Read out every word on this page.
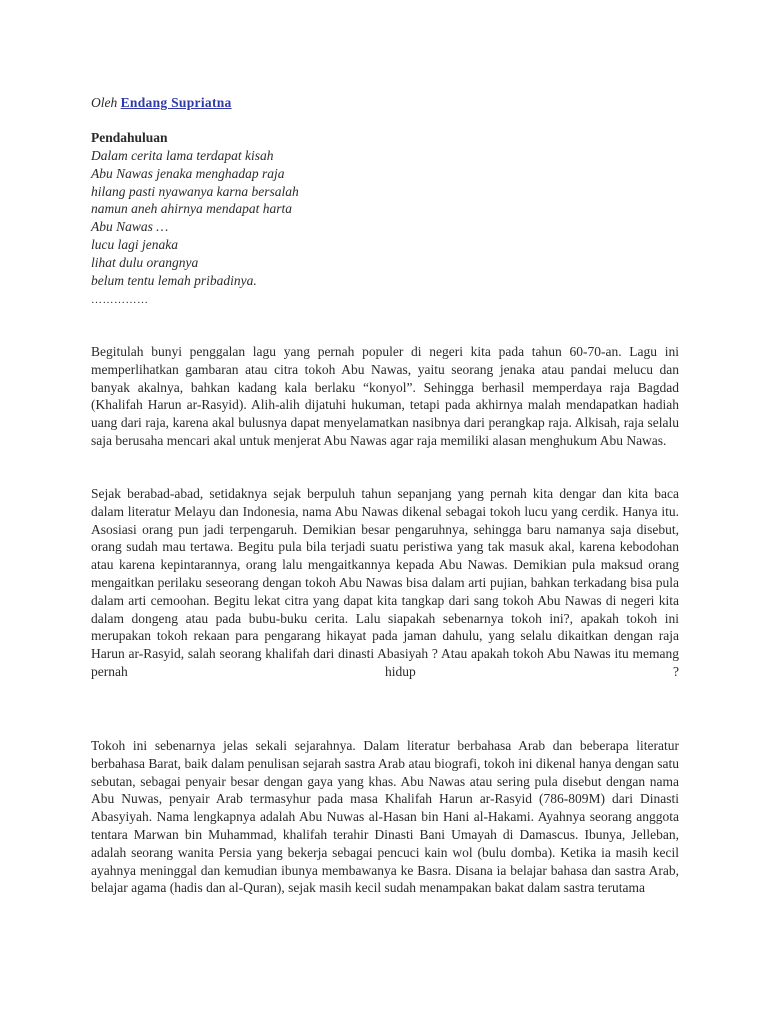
Oleh Endang Supriatna
Pendahuluan
Dalam cerita lama terdapat kisah
Abu Nawas jenaka menghadap raja
hilang pasti nyawanya karna bersalah
namun aneh ahirnya mendapat harta
Abu Nawas …
lucu lagi jenaka
lihat dulu orangnya
belum tentu lemah pribadinya.
……………

Begitulah bunyi penggalan lagu yang pernah populer di negeri kita pada tahun 60-70-an. Lagu ini memperlihatkan gambaran atau citra tokoh Abu Nawas, yaitu seorang jenaka atau pandai melucu dan banyak akalnya, bahkan kadang kala berlaku “konyol”. Sehingga berhasil memperdaya raja Bagdad (Khalifah Harun ar-Rasyid). Alih-alih dijatuhi hukuman, tetapi pada akhirnya malah mendapatkan hadiah uang dari raja, karena akal bulusnya dapat menyelamatkan nasibnya dari perangkap raja. Alkisah, raja selalu saja berusaha mencari akal untuk menjerat Abu Nawas agar raja memiliki alasan menghukum Abu Nawas.

Sejak berabad-abad, setidaknya sejak berpuluh tahun sepanjang yang pernah kita dengar dan kita baca dalam literatur Melayu dan Indonesia, nama Abu Nawas dikenal sebagai tokoh lucu yang cerdik. Hanya itu. Asosiasi orang pun jadi terpengaruh. Demikian besar pengaruhnya, sehingga baru namanya saja disebut, orang sudah mau tertawa. Begitu pula bila terjadi suatu peristiwa yang tak masuk akal, karena kebodohan atau karena kepintarannya, orang lalu mengaitkannya kepada Abu Nawas. Demikian pula maksud orang mengaitkan perilaku seseorang dengan tokoh Abu Nawas bisa dalam arti pujian, bahkan terkadang bisa pula dalam arti cemoohan. Begitu lekat citra yang dapat kita tangkap dari sang tokoh Abu Nawas di negeri kita dalam dongeng atau pada bubu-buku cerita. Lalu siapakah sebenarnya tokoh ini?, apakah tokoh ini merupakan tokoh rekaan para pengarang hikayat pada jaman dahulu, yang selalu dikaitkan dengan raja Harun ar-Rasyid, salah seorang khalifah dari dinasti Abasiyah ? Atau apakah tokoh Abu Nawas itu memang pernah hidup ?

Tokoh ini sebenarnya jelas sekali sejarahnya. Dalam literatur berbahasa Arab dan beberapa literatur berbahasa Barat, baik dalam penulisan sejarah sastra Arab atau biografi, tokoh ini dikenal hanya dengan satu sebutan, sebagai penyair besar dengan gaya yang khas. Abu Nawas atau sering pula disebut dengan nama Abu Nuwas, penyair Arab termasyhur pada masa Khalifah Harun ar-Rasyid (786-809M) dari Dinasti Abasyiyah. Nama lengkapnya adalah Abu Nuwas al-Hasan bin Hani al-Hakami. Ayahnya seorang anggota tentara Marwan bin Muhammad, khalifah terahir Dinasti Bani Umayah di Damascus. Ibunya, Jelleban, adalah seorang wanita Persia yang bekerja sebagai pencuci kain wol (bulu domba). Ketika ia masih kecil ayahnya meninggal dan kemudian ibunya membawanya ke Basra. Disana ia belajar bahasa dan sastra Arab, belajar agama (hadis dan al-Quran), sejak masih kecil sudah menampakan bakat dalam sastra terutama
